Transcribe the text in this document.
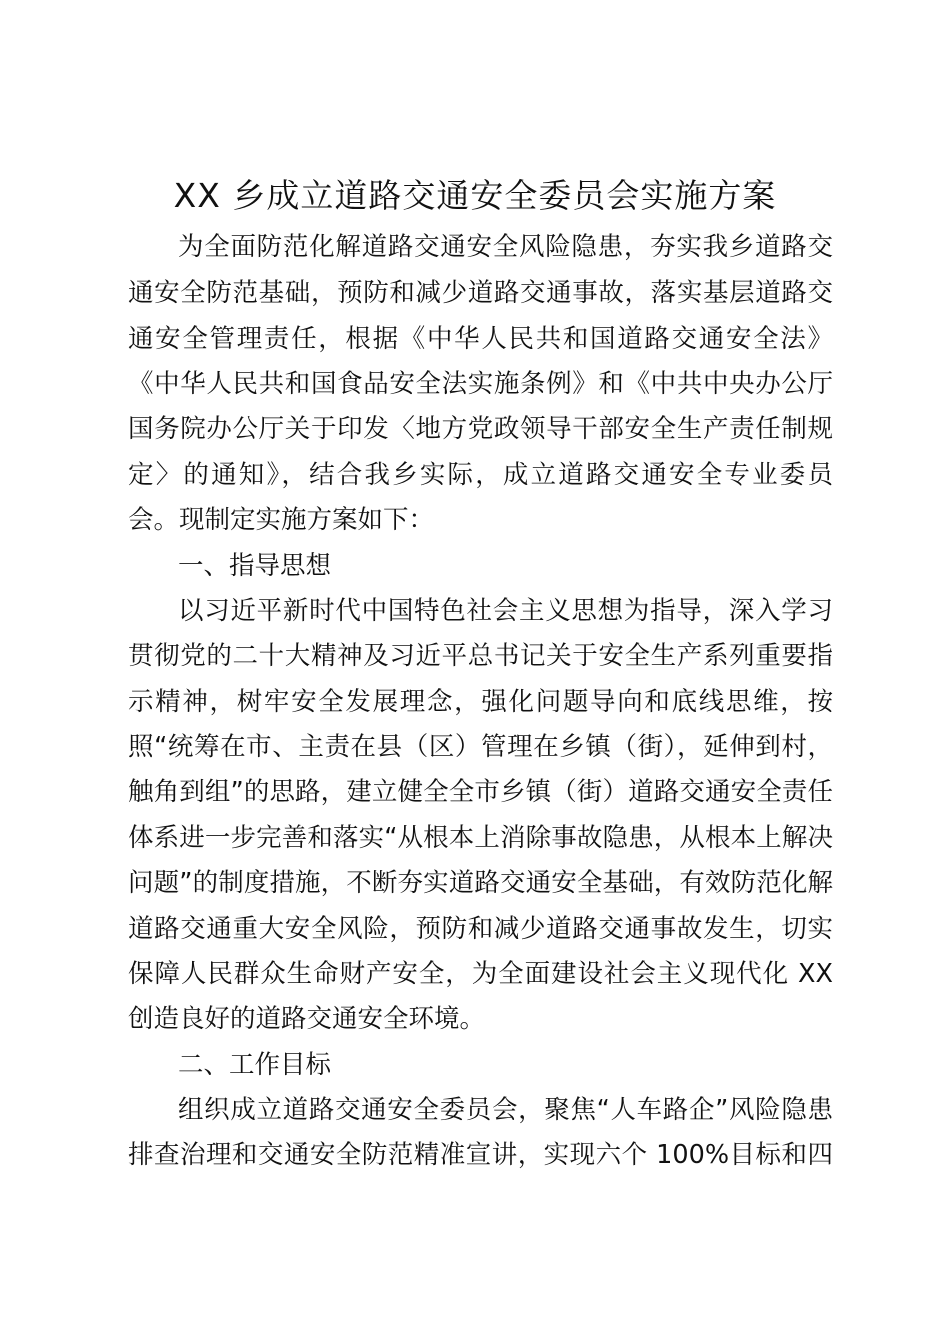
XX 乡成立道路交通安全委员会实施方案

为全面防范化解道路交通安全风险隐患，夯实我乡道路交

通安全防范基础，预防和减少道路交通事故，落实基层道路交

通安全管理责任，根据《中华人民共和国道路交通安全法》

《中华人民共和国食品安全法实施条例》和《中共中央办公厅

国务院办公厅关于印发〈地方党政领导干部安全生产责任制规

定〉的通知》，结合我乡实际，成立道路交通安全专业委员

会。现制定实施方案如下：

一、指导思想

以习近平新时代中国特色社会主义思想为指导，深入学习

贯彻党的二十大精神及习近平总书记关于安全生产系列重要指

示精神，树牢安全发展理念，强化问题导向和底线思维，按

照“统筹在市、主责在县（区）管理在乡镇（街），延伸到村，

触角到组”的思路，建立健全全市乡镇（街）道路交通安全责任

体系进一步完善和落实“从根本上消除事故隐患，从根本上解决

问题”的制度措施，不断夯实道路交通安全基础，有效防范化解

道路交通重大安全风险，预防和减少道路交通事故发生，切实

保障人民群众生命财产安全，为全面建设社会主义现代化 XX

创造良好的道路交通安全环境。

二、工作目标

组织成立道路交通安全委员会，聚焦“人车路企”风险隐患

排查治理和交通安全防范精准宣讲，实现六个 100%目标和四
